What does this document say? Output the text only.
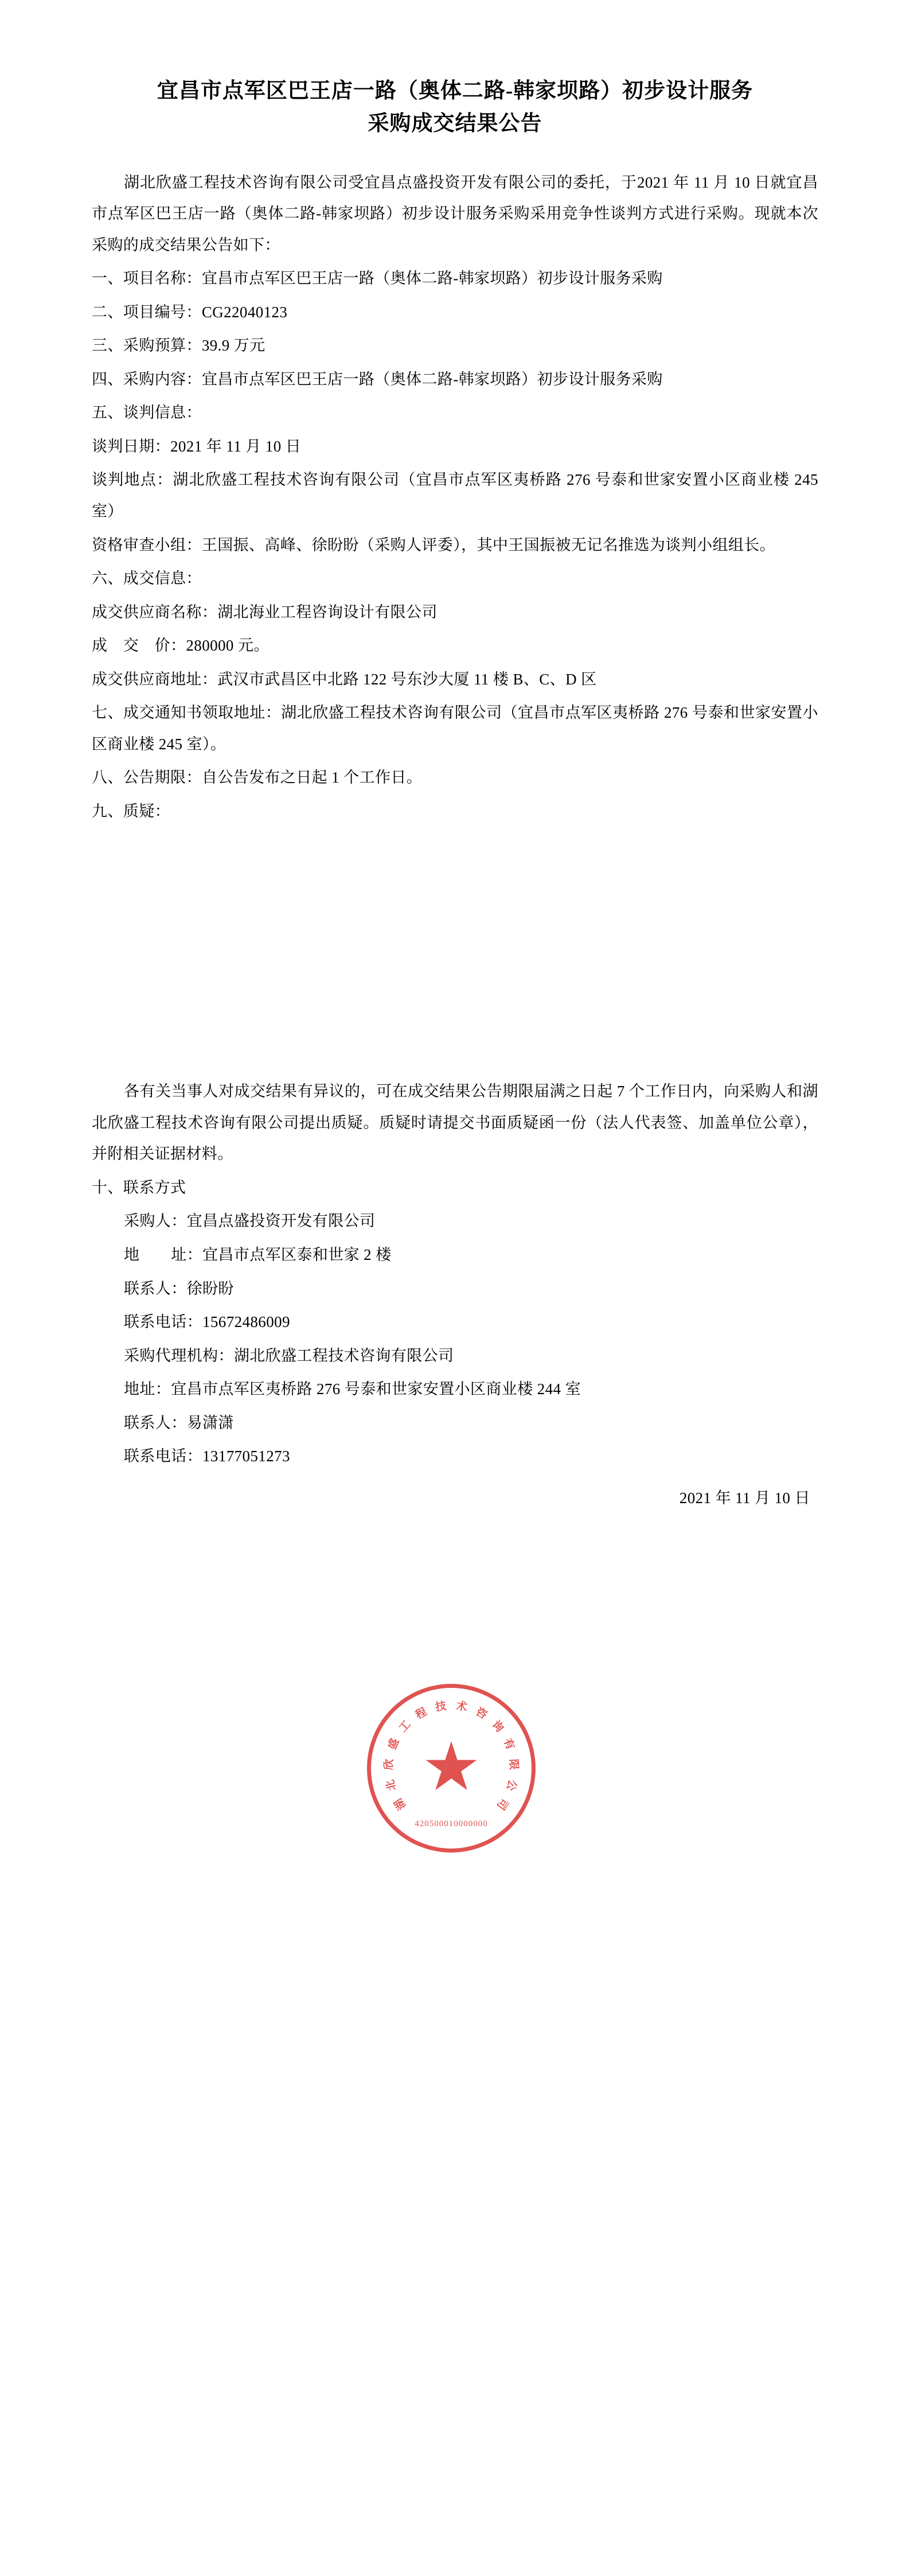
宜昌市点军区巴王店一路（奥体二路-韩家坝路）初步设计服务
采购成交结果公告

湖北欣盛工程技术咨询有限公司受宜昌点盛投资开发有限公司的委托，于2021 年 11 月 10 日就宜昌市点军区巴王店一路（奥体二路-韩家坝路）初步设计服务采购采用竞争性谈判方式进行采购。现就本次采购的成交结果公告如下：

一、项目名称：宜昌市点军区巴王店一路（奥体二路-韩家坝路）初步设计服务采购

二、项目编号：CG22040123

三、采购预算：39.9 万元

四、采购内容：宜昌市点军区巴王店一路（奥体二路-韩家坝路）初步设计服务采购

五、谈判信息：

谈判日期：2021 年 11 月 10 日

谈判地点：湖北欣盛工程技术咨询有限公司（宜昌市点军区夷桥路 276 号泰和世家安置小区商业楼 245 室）

资格审查小组：王国振、高峰、徐盼盼（采购人评委），其中王国振被无记名推选为谈判小组组长。

六、成交信息：

成交供应商名称：湖北海业工程咨询设计有限公司

成　交　价：280000 元。

成交供应商地址：武汉市武昌区中北路 122 号东沙大厦 11 楼 B、C、D 区

七、成交通知书领取地址：湖北欣盛工程技术咨询有限公司（宜昌市点军区夷桥路 276 号泰和世家安置小区商业楼 245 室）。

八、公告期限：自公告发布之日起 1 个工作日。

九、质疑：

各有关当事人对成交结果有异议的，可在成交结果公告期限届满之日起 7 个工作日内，向采购人和湖北欣盛工程技术咨询有限公司提出质疑。质疑时请提交书面质疑函一份（法人代表签、加盖单位公章），并附相关证据材料。

十、联系方式

采购人：宜昌点盛投资开发有限公司

地　　址：宜昌市点军区泰和世家 2 楼

联系人：徐盼盼

联系电话：15672486009

采购代理机构：湖北欣盛工程技术咨询有限公司

地址：宜昌市点军区夷桥路 276 号泰和世家安置小区商业楼 244 室

联系人：易潇潇

联系电话：13177051273

2021 年 11 月 10 日

湖
北
欣
盛
工
程 技 术 咨
询
有
限
公
司
★
420500010000000
